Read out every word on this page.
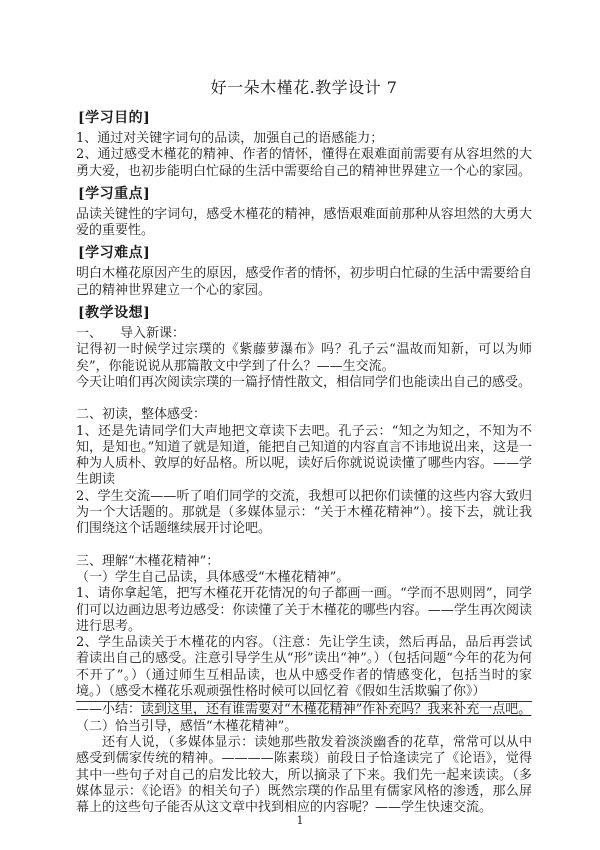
好一朵木槿花.教学设计 7
[学习目的]

1、通过对关键字词句的品读，加强自己的语感能力；

2、通过感受木槿花的精神、作者的情怀，懂得在艰难面前需要有从容坦然的大勇大爱，也初步能明白忙碌的生活中需要给自己的精神世界建立一个心的家园。

[学习重点]

品读关键性的字词句，感受木槿花的精神，感悟艰难面前那种从容坦然的大勇大爱的重要性。

[学习难点]

明白木槿花原因产生的原因，感受作者的情怀，初步明白忙碌的生活中需要给自己的精神世界建立一个心的家园。

[教学设想]

一、 导入新课：

记得初一时候学过宗璞的《紫藤萝瀑布》吗？孔子云“温故而知新，可以为师矣”，你能说说从那篇散文中学到了什么？——生交流。

今天让咱们再次阅读宗璞的一篇抒情性散文，相信同学们也能读出自己的感受。

二、初读，整体感受：

1、还是先请同学们大声地把文章读下去吧。孔子云：“知之为知之，不知为不知，是知也。”知道了就是知道，能把自己知道的内容直言不讳地说出来，这是一种为人质朴、敦厚的好品格。所以呢，读好后你就说说读懂了哪些内容。——学生朗读

2、学生交流——听了咱们同学的交流，我想可以把你们读懂的这些内容大致归为一个大话题的。那就是（多媒体显示：“关于木槿花精神”）。接下去，就让我们围绕这个话题继续展开讨论吧。

三、理解“木槿花精神”：

（一）学生自己品读，具体感受“木槿花精神”。

1、请你拿起笔，把写木槿花开花情况的句子都画一画。“学而不思则罔”，同学们可以边画边思考边感受：你读懂了关于木槿花的哪些内容。——学生再次阅读进行思考。

2、学生品读关于木槿花的内容。（注意：先让学生读，然后再品，品后再尝试着读出自己的感受。注意引导学生从“形”读出“神”。）（包括问题“今年的花为何不开了”。）（通过师生互相品读，也从中感受作者的情感变化，包括当时的家境。）（感受木槿花乐观顽强性格时候可以回忆着《假如生活欺骗了你》）

——小结：读到这里，还有谁需要对“木槿花精神”作补充吗？我来补充一点吧。

（二）恰当引导，感悟“木槿花精神”。

还有人说，（多媒体显示：读她那些散发着淡淡幽香的花草，常常可以从中感受到儒家传统的精神。————陈素琰）前段日子恰逢读完了《论语》，觉得其中一些句子对自己的启发比较大，所以摘录了下来。我们先一起来读读。（多媒体显示：《论语》的相关句子）既然宗璞的作品里有儒家风格的渗透，那么屏幕上的这些句子能否从这文章中找到相应的内容呢？——学生快速交流。

1
